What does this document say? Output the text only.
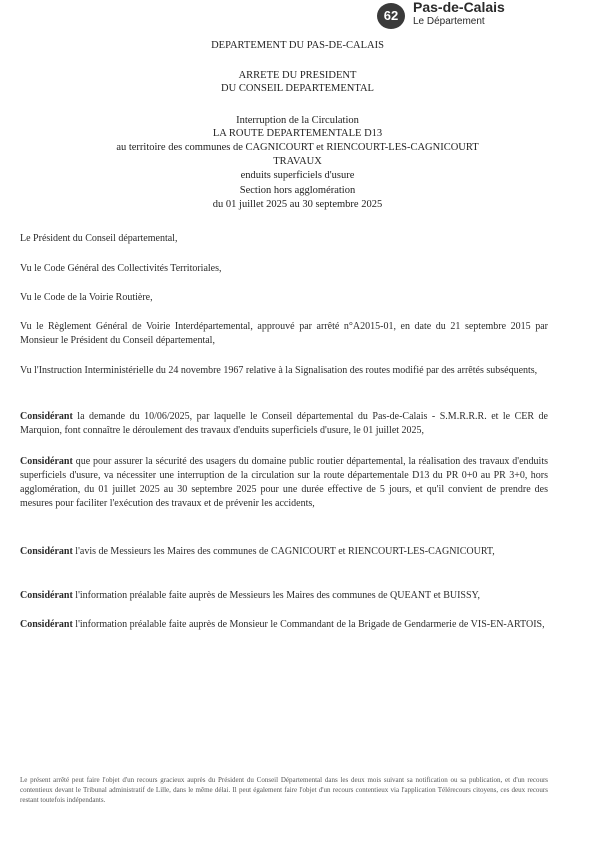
62
Pas-de-Calais
Le Département
DEPARTEMENT DU PAS-DE-CALAIS
ARRETE DU PRESIDENT
DU CONSEIL DEPARTEMENTAL
Interruption de la Circulation
LA ROUTE DEPARTEMENTALE D13
au territoire des communes de CAGNICOURT et RIENCOURT-LES-CAGNICOURT
TRAVAUX
enduits superficiels d'usure
Section hors agglomération
du 01 juillet 2025 au 30 septembre 2025
Le Président du Conseil départemental,
Vu le Code Général des Collectivités Territoriales,
Vu le Code de la Voirie Routière,
Vu le Règlement Général de Voirie Interdépartemental, approuvé par arrêté n°A2015-01, en date du 21 septembre 2015 par Monsieur le Président du Conseil départemental,
Vu l'Instruction Interministérielle du 24 novembre 1967 relative à la Signalisation des routes modifié par des arrêtés subséquents,
Considérant la demande du 10/06/2025, par laquelle le Conseil départemental du Pas-de-Calais - S.M.R.R.R. et le CER de Marquion, font connaître le déroulement des travaux d'enduits superficiels d'usure, le 01 juillet 2025,
Considérant que pour assurer la sécurité des usagers du domaine public routier départemental, la réalisation des travaux d'enduits superficiels d'usure, va nécessiter une interruption de la circulation sur la route départementale D13 du PR 0+0 au PR 3+0, hors agglomération, du 01 juillet 2025 au 30 septembre 2025 pour une durée effective de 5 jours, et qu'il convient de prendre des mesures pour faciliter l'exécution des travaux et de prévenir les accidents,
Considérant l'avis de Messieurs les Maires des communes de CAGNICOURT et RIENCOURT-LES-CAGNICOURT,
Considérant l'information préalable faite auprès de Messieurs les Maires des communes de QUEANT et BUISSY,
Considérant l'information préalable faite auprès de Monsieur le Commandant de la Brigade de Gendarmerie de VIS-EN-ARTOIS,
Le présent arrêté peut faire l'objet d'un recours gracieux auprès du Président du Conseil Départemental dans les deux mois suivant sa notification ou sa publication, et d'un recours contentieux devant le Tribunal administratif de Lille, dans le même délai. Il peut également faire l'objet d'un recours contentieux via l'application Télérecours citoyens, ces deux recours restant toutefois indépendants.
